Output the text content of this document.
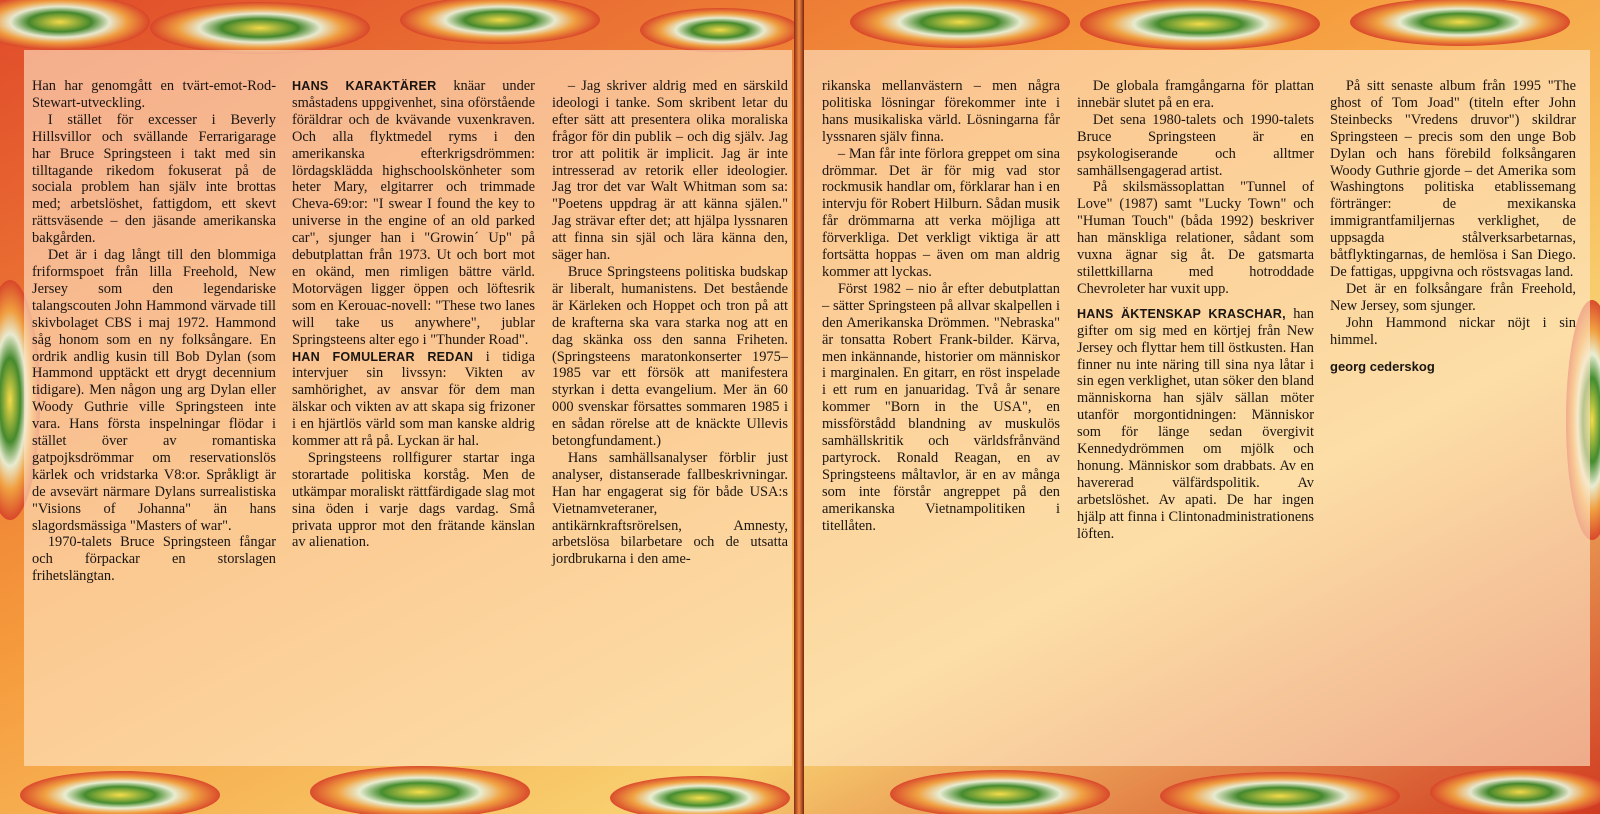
Han har genomgått en tvärt-emot-Rod-Stewart-utveckling.

I stället för excesser i Beverly Hillsvillor och svällande Ferrarigarage har Bruce Springsteen i takt med sin tilltagande rikedom fokuserat på de sociala problem han själv inte brottas med; arbetslöshet, fattigdom, ett skevt rättsväsende – den jäsande amerikanska bakgården.

Det är i dag långt till den blommiga friformspoet från lilla Freehold, New Jersey som den legendariske talangscouten John Hammond värvade till skivbolaget CBS i maj 1972. Hammond såg honom som en ny folksångare. En ordrik andlig kusin till Bob Dylan (som Hammond upptäckt ett drygt decennium tidigare). Men någon ung arg Dylan eller Woody Guthrie ville Springsteen inte vara. Hans första inspelningar flödar i stället över av romantiska gatpojksdrömmar om reservationslös kärlek och vridstarka V8:or. Språkligt är de avsevärt närmare Dylans surrealistiska "Visions of Johanna" än hans slagordsmässiga "Masters of war".

1970-talets Bruce Springsteen fångar och förpackar en storslagen frihetslängtan.

HANS KARAKTÄRER knäar under småstadens uppgivenhet, sina oförstående föräldrar och de kvävande vuxenkraven. Och alla flyktmedel ryms i den amerikanska efterkrigsdrömmen: lördagsklädda highschoolskönheter som heter Mary, elgitarrer och trimmade Cheva-69:or: "I swear I found the key to universe in the engine of an old parked car", sjunger han i "Growin´ Up" på debutplattan från 1973. Ut och bort mot en okänd, men rimligen bättre värld. Motorvägen ligger öppen och löftesrik som en Kerouac-novell: "These two lanes will take us anywhere", jublar Springsteens alter ego i "Thunder Road".

HAN FOMULERAR REDAN i tidiga intervjuer sin livssyn: Vikten av samhörighet, av ansvar för dem man älskar och vikten av att skapa sig frizoner i en hjärtlös värld som man kanske aldrig kommer att rå på. Lyckan är hal.

Springsteens rollfigurer startar inga storartade politiska korståg. Men de utkämpar moraliskt rättfärdigade slag mot sina öden i varje dags vardag. Små privata uppror mot den frätande känslan av alienation.

– Jag skriver aldrig med en särskild ideologi i tanke. Som skribent letar du efter sätt att presentera olika moraliska frågor för din publik – och dig själv. Jag tror att politik är implicit. Jag är inte intresserad av retorik eller ideologier. Jag tror det var Walt Whitman som sa: "Poetens uppdrag är att känna själen." Jag strävar efter det; att hjälpa lyssnaren att finna sin själ och lära känna den, säger han.

Bruce Springsteens politiska budskap är liberalt, humanistens. Det bestående är Kärleken och Hoppet och tron på att de krafterna ska vara starka nog att en dag skänka oss den sanna Friheten. (Springsteens maratonkonserter 1975–1985 var ett försök att manifestera styrkan i detta evangelium. Mer än 60 000 svenskar försattes sommaren 1985 i en sådan rörelse att de knäckte Ullevis betongfundament.)

Hans samhällsanalyser förblir just analyser, distanserade fallbeskrivningar. Han har engagerat sig för både USA:s Vietnamveteraner, antikärnkraftsrörelsen, Amnesty, arbetslösa bilarbetare och de utsatta jordbrukarna i den ame-

rikanska mellanvästern – men några politiska lösningar förekommer inte i hans musikaliska värld. Lösningarna får lyssnaren själv finna.

– Man får inte förlora greppet om sina drömmar. Det är för mig vad stor rockmusik handlar om, förklarar han i en intervju för Robert Hilburn. Sådan musik får drömmarna att verka möjliga att förverkliga. Det verkligt viktiga är att fortsätta hoppas – även om man aldrig kommer att lyckas.

Först 1982 – nio år efter debutplattan – sätter Springsteen på allvar skalpellen i den Amerikanska Drömmen. "Nebraska" är tonsatta Robert Frank-bilder. Kärva, men inkännande, historier om människor i marginalen. En gitarr, en röst inspelade i ett rum en januaridag. Två år senare kommer "Born in the USA", en missförstådd blandning av muskulös samhällskritik och världsfrånvänd partyrock. Ronald Reagan, en av Springsteens måltavlor, är en av många som inte förstår angreppet på den amerikanska Vietnampolitiken i titellåten.

De globala framgångarna för plattan innebär slutet på en era.

Det sena 1980-talets och 1990-talets Bruce Springsteen är en psykologiserande och alltmer samhällsengagerad artist.

På skilsmässoplattan "Tunnel of Love" (1987) samt "Lucky Town" och "Human Touch" (båda 1992) beskriver han mänskliga relationer, sådant som vuxna ägnar sig åt. De gatsmarta stilettkillarna med hotroddade Chevroleter har vuxit upp.

HANS ÄKTENSKAP KRASCHAR, han gifter om sig med en körtjej från New Jersey och flyttar hem till östkusten. Han finner nu inte näring till sina nya låtar i sin egen verklighet, utan söker den bland människorna han själv sällan möter utanför morgontidningen: Människor som för länge sedan övergivit Kennedydrömmen om mjölk och honung. Människor som drabbats. Av en havererad välfärdspolitik. Av arbetslöshet. Av apati. De har ingen hjälp att finna i Clintonadministrationens löften.

På sitt senaste album från 1995 "The ghost of Tom Joad" (titeln efter John Steinbecks "Vredens druvor") skildrar Springsteen – precis som den unge Bob Dylan och hans förebild folksångaren Woody Guthrie gjorde – det Amerika som Washingtons politiska etablissemang förtränger: de mexikanska immigrantfamiljernas verklighet, de uppsagda stålverksarbetarnas, båtflyktingarnas, de hemlösa i San Diego. De fattigas, uppgivna och röstsvagas land.

Det är en folksångare från Freehold, New Jersey, som sjunger.

John Hammond nickar nöjt i sin himmel.

georg cederskog
